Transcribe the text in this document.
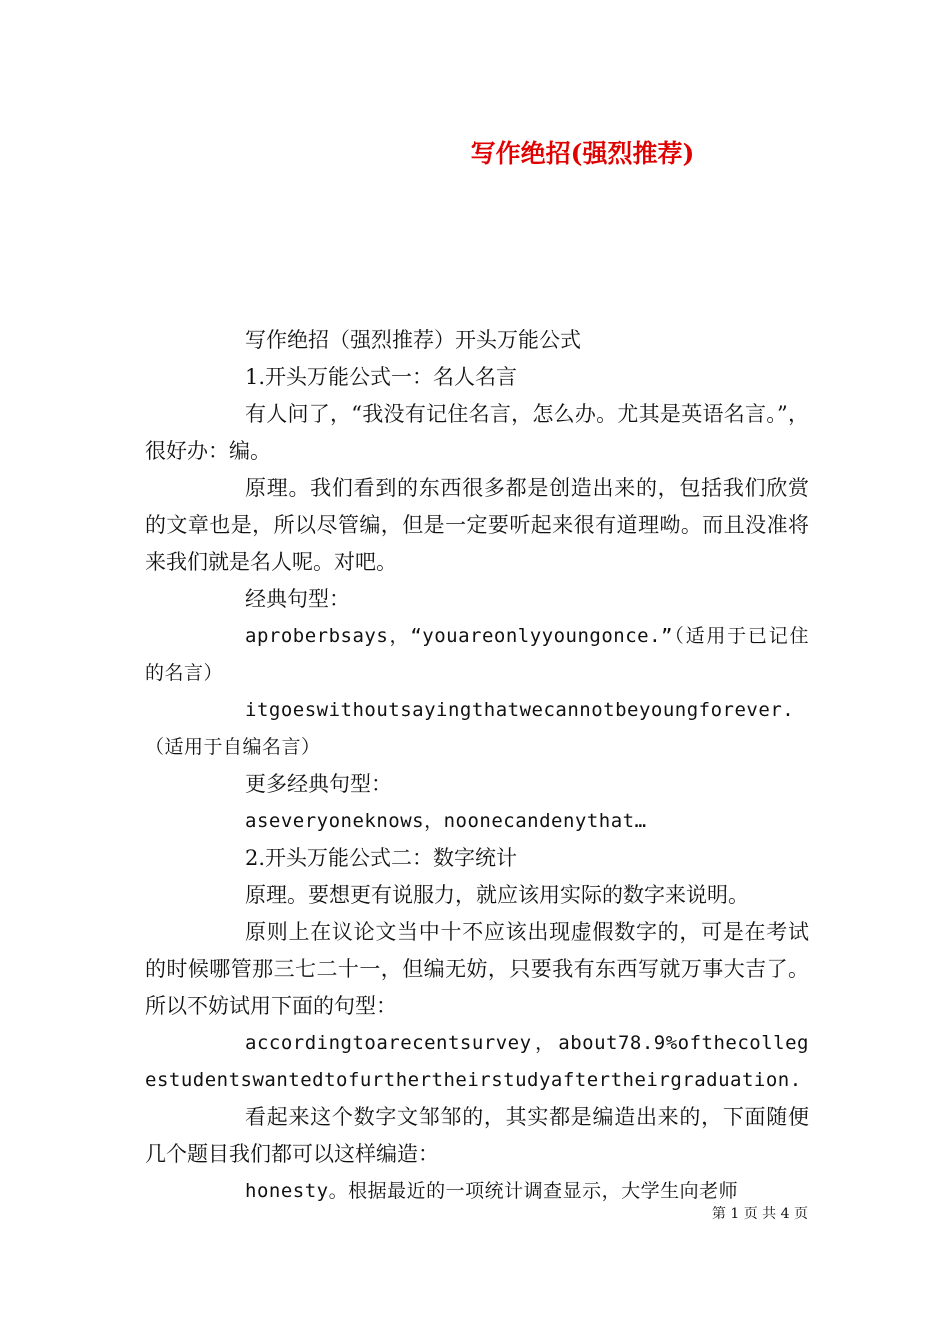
写作绝招(强烈推荐)

写作绝招（强烈推荐）开头万能公式

1.开头万能公式一：名人名言

有人问了，“我没有记住名言，怎么办。尤其是英语名言。”，很好办：编。

原理。我们看到的东西很多都是创造出来的，包括我们欣赏的文章也是，所以尽管编，但是一定要听起来很有道理呦。而且没准将来我们就是名人呢。对吧。

经典句型：

aproberbsays，“youareonlyyoungonce.”（适用于已记住的名言）

itgoeswithoutsayingthatwecannotbeyoungforever.（适用于自编名言）

更多经典句型：

aseveryoneknows，noonecandenythat…

2.开头万能公式二：数字统计

原理。要想更有说服力，就应该用实际的数字来说明。

原则上在议论文当中十不应该出现虚假数字的，可是在考试的时候哪管那三七二十一，但编无妨，只要我有东西写就万事大吉了。所以不妨试用下面的句型：

accordingtoarecentsurvey，about78.9%ofthecollegestudentswantedtofurthertheirstudyaftertheirgraduation.

看起来这个数字文邹邹的，其实都是编造出来的，下面随便几个题目我们都可以这样编造：

honesty。根据最近的一项统计调查显示，大学生向老师

第 1 页 共 4 页
